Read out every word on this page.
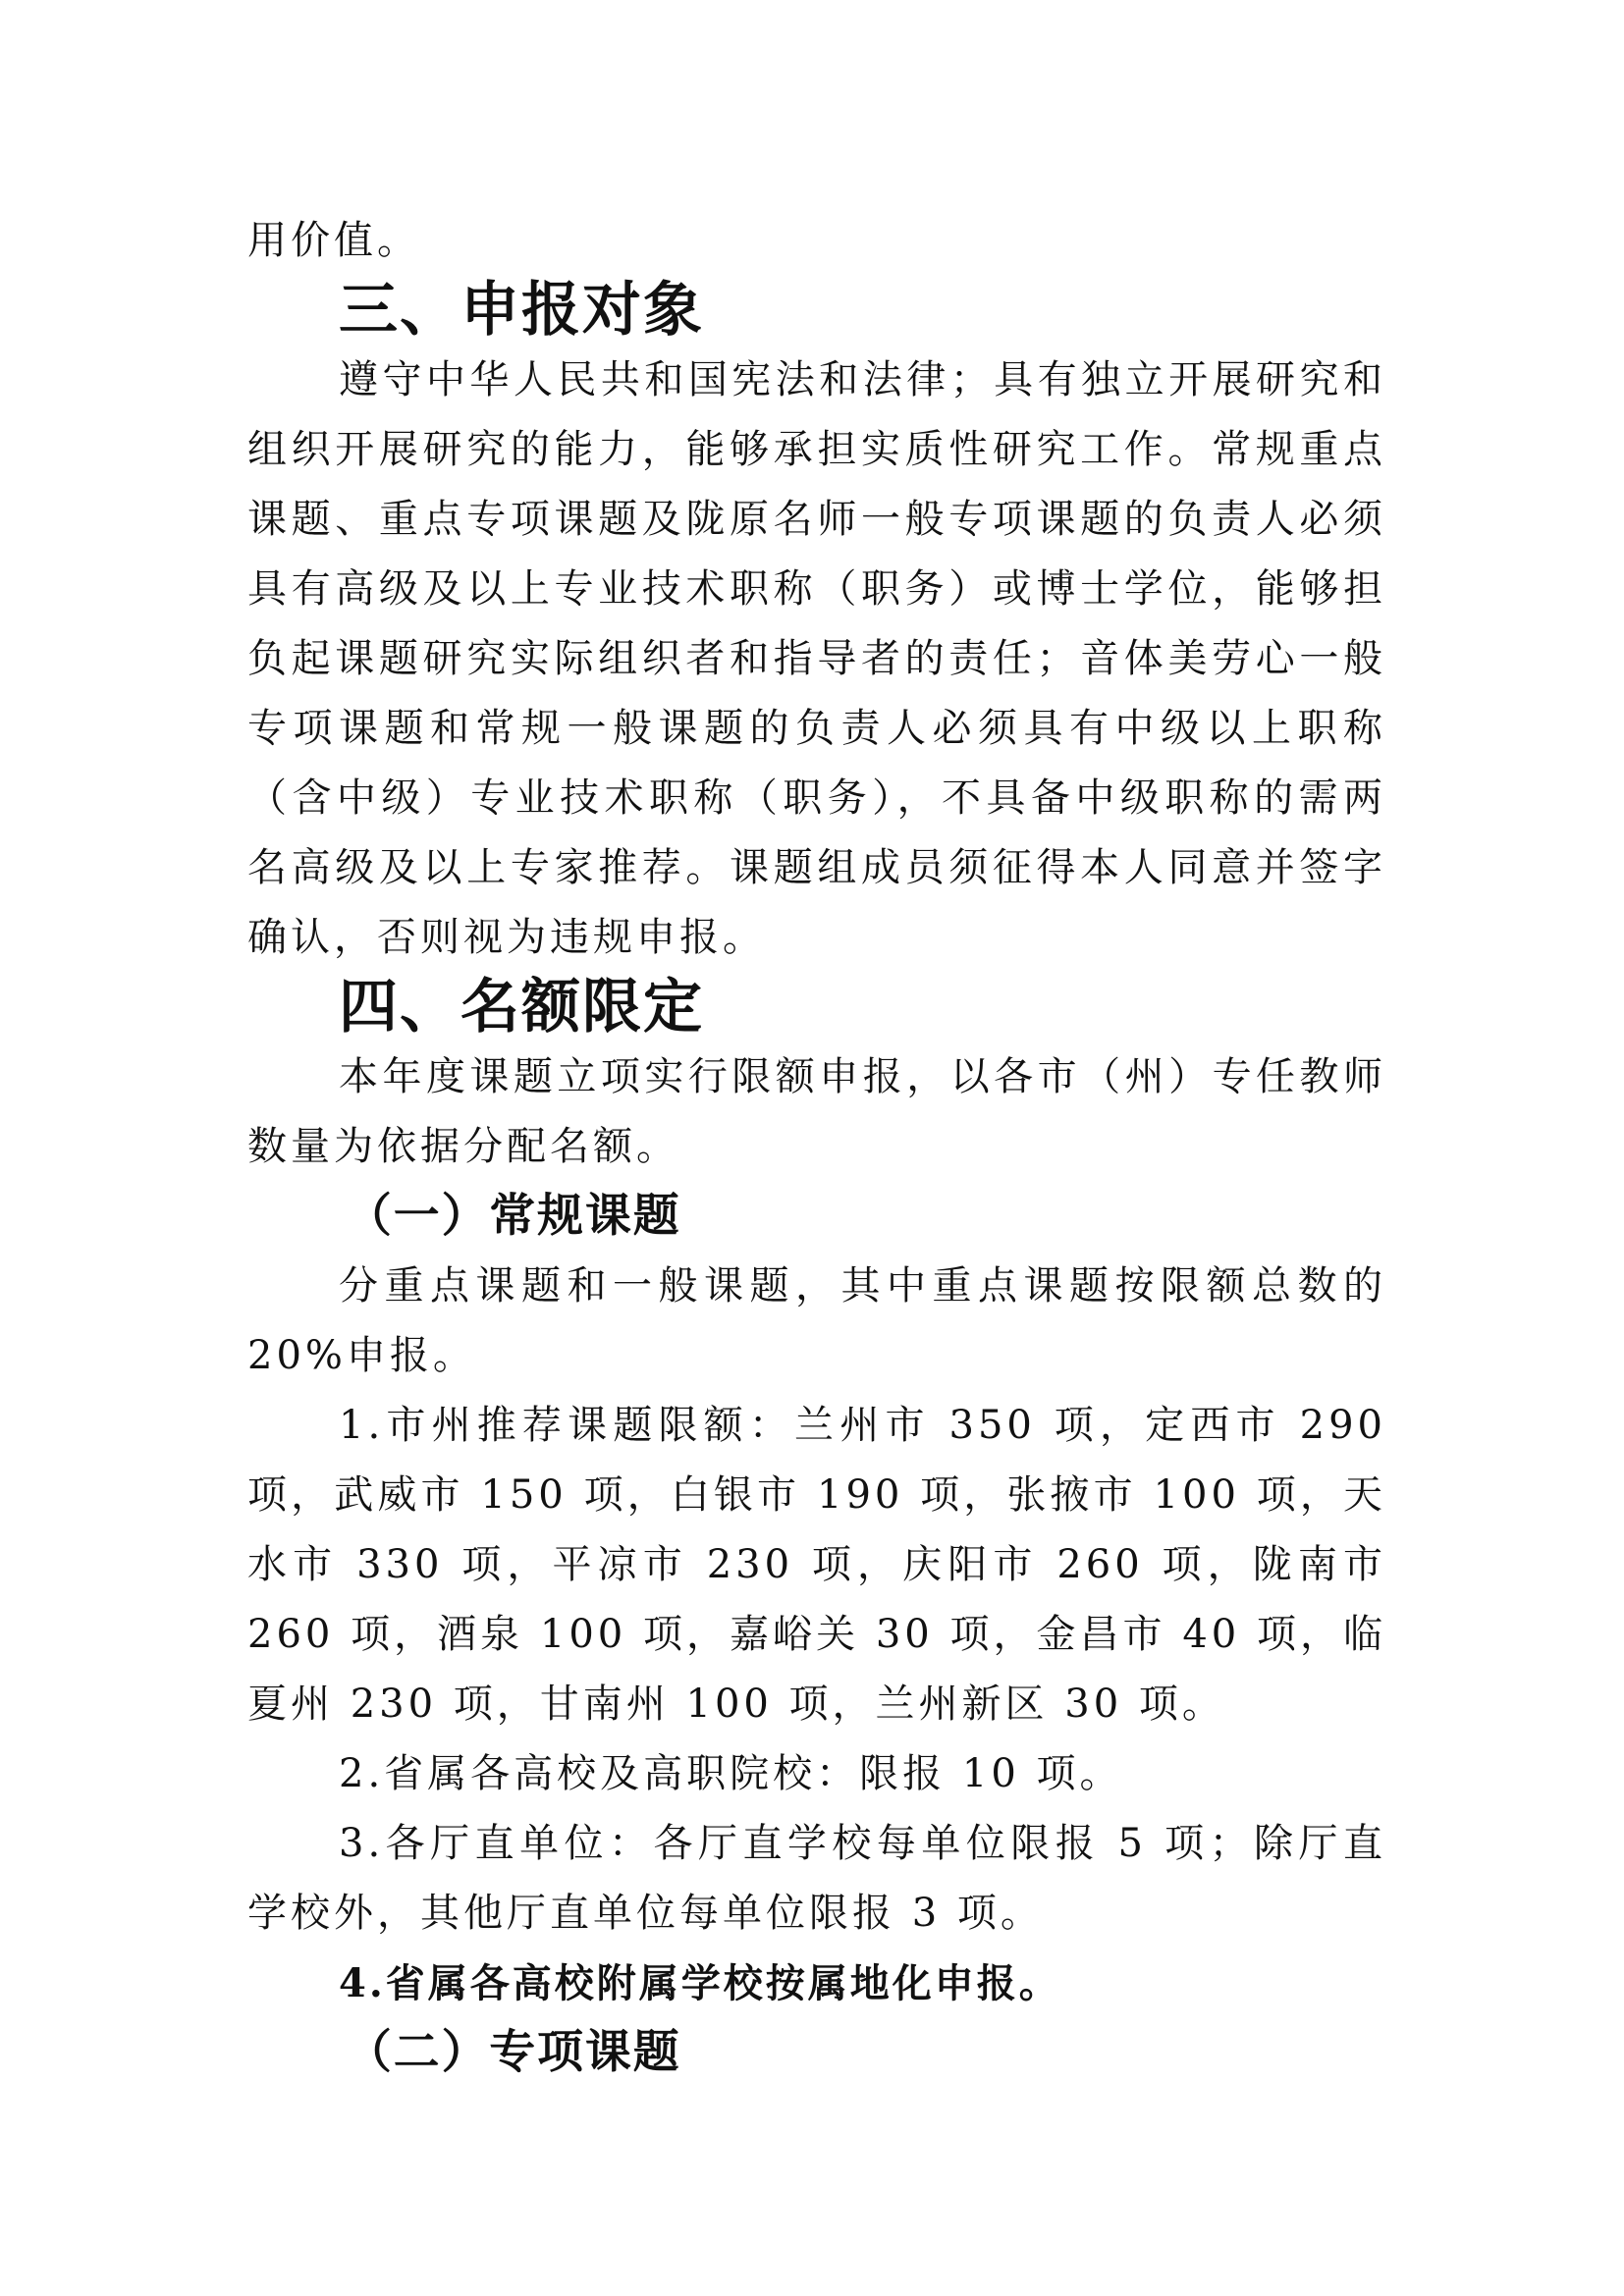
用价值。

三、申报对象

遵守中华人民共和国宪法和法律；具有独立开展研究和组织开展研究的能力，能够承担实质性研究工作。常规重点课题、重点专项课题及陇原名师一般专项课题的负责人必须具有高级及以上专业技术职称（职务）或博士学位，能够担负起课题研究实际组织者和指导者的责任；音体美劳心一般专项课题和常规一般课题的负责人必须具有中级以上职称（含中级）专业技术职称（职务），不具备中级职称的需两名高级及以上专家推荐。课题组成员须征得本人同意并签字确认，否则视为违规申报。

四、名额限定

本年度课题立项实行限额申报，以各市（州）专任教师数量为依据分配名额。

（一）常规课题

分重点课题和一般课题，其中重点课题按限额总数的20%申报。

1.市州推荐课题限额：兰州市 350 项，定西市 290 项，武威市 150 项，白银市 190 项，张掖市 100 项，天水市 330 项，平凉市 230 项，庆阳市 260 项，陇南市 260 项，酒泉 100 项，嘉峪关 30 项，金昌市 40 项，临夏州 230 项，甘南州 100 项，兰州新区 30 项。

2.省属各高校及高职院校：限报 10 项。

3.各厅直单位：各厅直学校每单位限报 5 项；除厅直学校外，其他厅直单位每单位限报 3 项。

4.省属各高校附属学校按属地化申报。

（二）专项课题
